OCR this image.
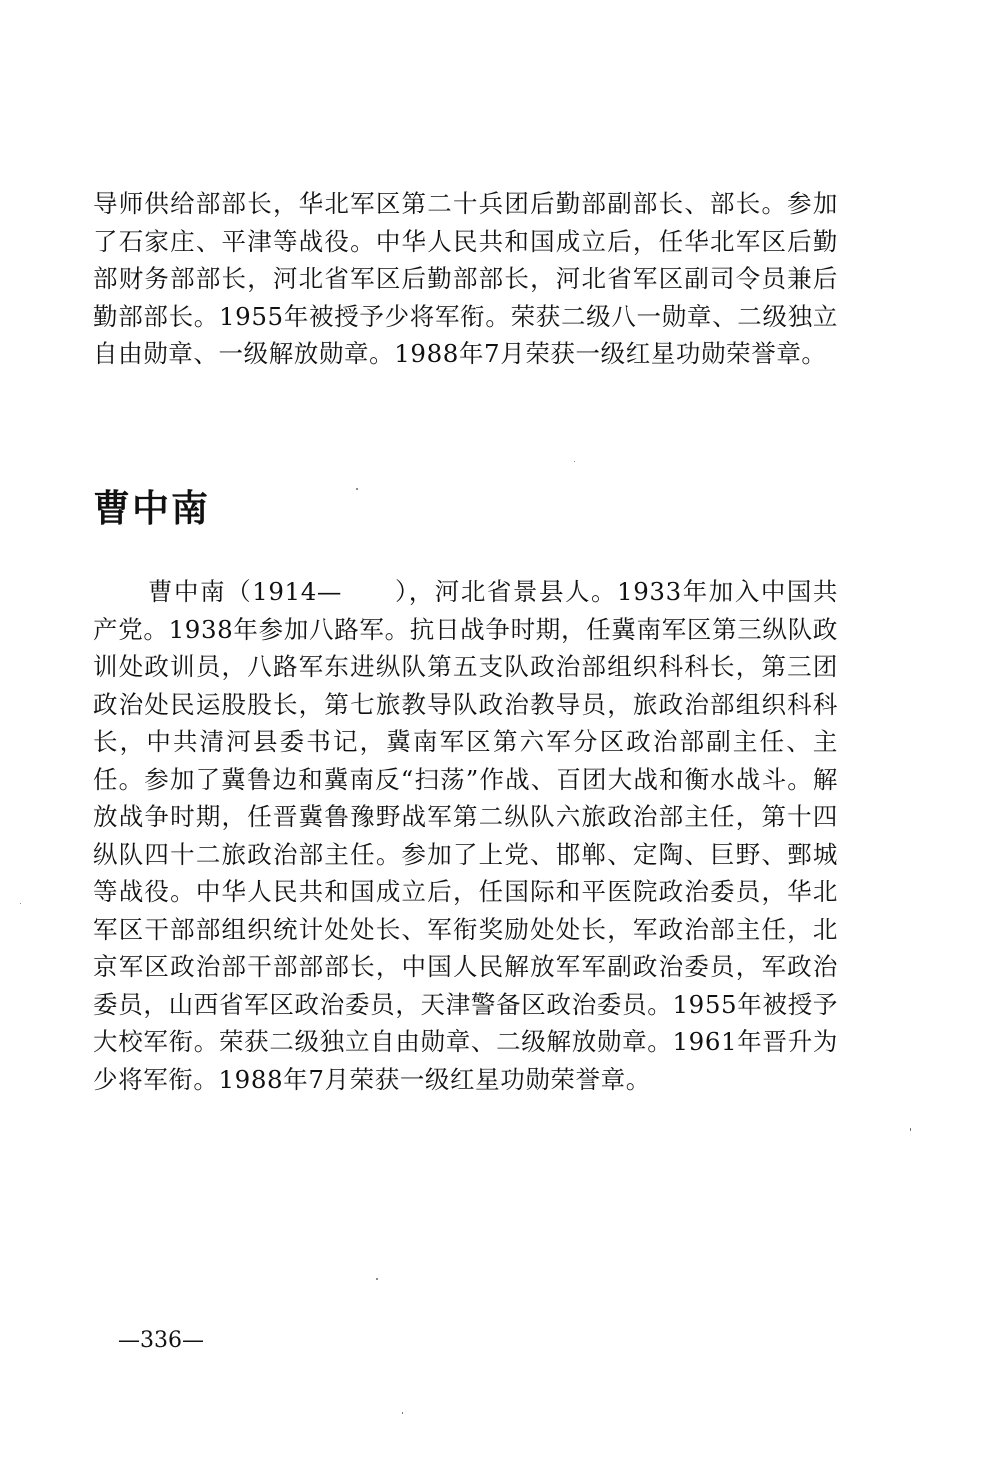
导师供给部部长，华北军区第二十兵团后勤部副部长、部长。参加了石家庄、平津等战役。中华人民共和国成立后，任华北军区后勤部财务部部长，河北省军区后勤部部长，河北省军区副司令员兼后勤部部长。1955年被授予少将军衔。荣获二级八一勋章、二级独立自由勋章、一级解放勋章。1988年7月荣获一级红星功勋荣誉章。

曹中南

曹中南（1914—　　），河北省景县人。1933年加入中国共产党。1938年参加八路军。抗日战争时期，任冀南军区第三纵队政训处政训员，八路军东进纵队第五支队政治部组织科科长，第三团政治处民运股股长，第七旅教导队政治教导员，旅政治部组织科科长，中共清河县委书记，冀南军区第六军分区政治部副主任、主任。参加了冀鲁边和冀南反“扫荡”作战、百团大战和衡水战斗。解放战争时期，任晋冀鲁豫野战军第二纵队六旅政治部主任，第十四纵队四十二旅政治部主任。参加了上党、邯郸、定陶、巨野、鄄城等战役。中华人民共和国成立后，任国际和平医院政治委员，华北军区干部部组织统计处处长、军衔奖励处处长，军政治部主任，北京军区政治部干部部部长，中国人民解放军军副政治委员，军政治委员，山西省军区政治委员，天津警备区政治委员。1955年被授予大校军衔。荣获二级独立自由勋章、二级解放勋章。1961年晋升为少将军衔。1988年7月荣获一级红星功勋荣誉章。

—336—
